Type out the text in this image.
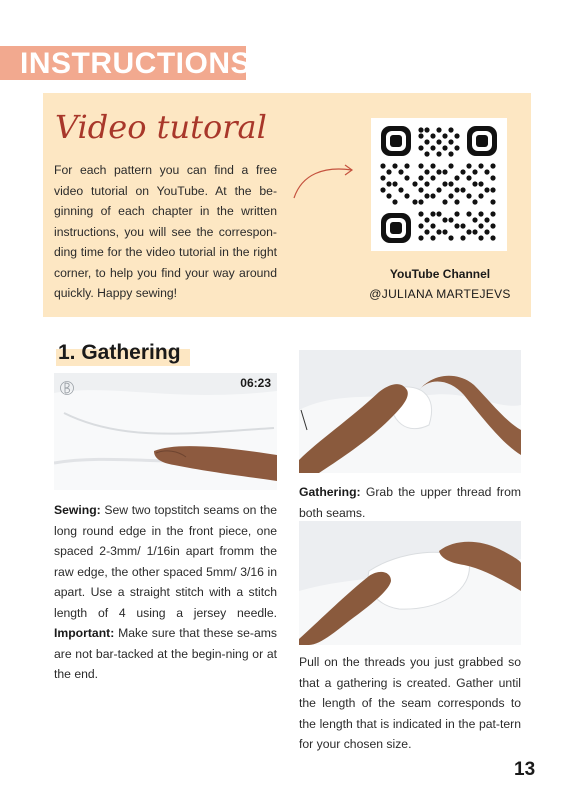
INSTRUCTIONS
Video tutoral
For each pattern you can find a free video tutorial on YouTube. At the be-ginning of each chapter in the written instructions, you will see the correspon-ding time for the video tutorial in the right corner, to help you find your way around quickly. Happy sewing!
YouTube Channel
@JULIANA MARTEJEVS
1. Gathering
06:23
Gathering: Grab the upper thread from both seams.
Sewing: Sew two topstitch seams on the long round edge in the front piece, one spaced 2-3mm/ 1/16in apart fromm the raw edge, the other spaced 5mm/ 3/16 in apart. Use a straight stitch with a stitch length of 4 using a jersey needle. Important: Make sure that these se-ams are not bar-tacked at the begin-ning or at the end.
Pull on the threads you just grabbed so that a gathering is created. Gather until the length of the seam corresponds to the length that is indicated in the pat-tern for your chosen size.
13
